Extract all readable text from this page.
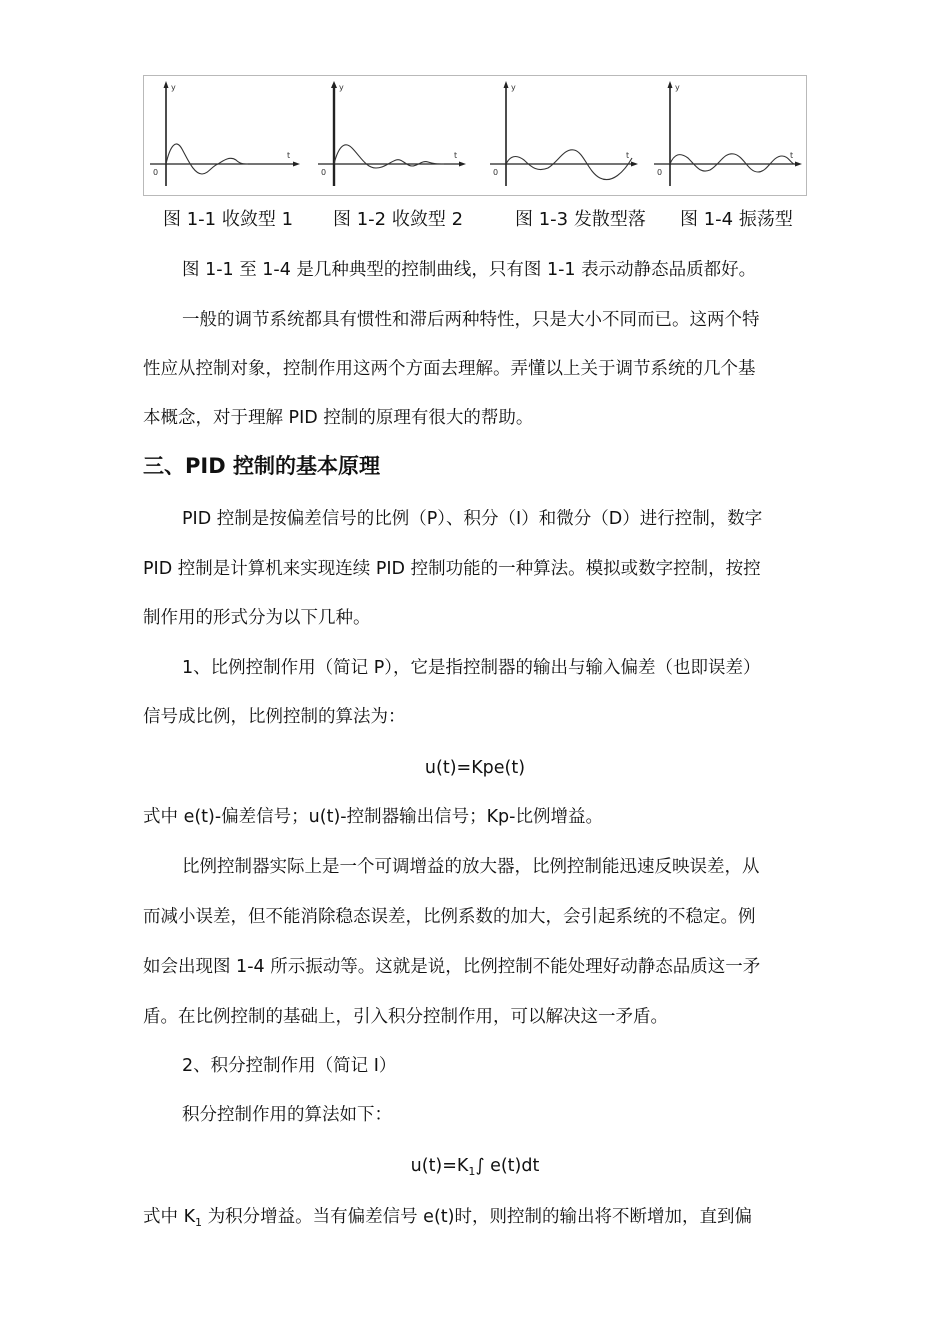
y
t
0
y
t
0
y
t
0
y
t
0
图 1-1 收敛型 1 图 1-2 收敛型 2	图 1-3 发散型落 图 1-4 振荡型
图 1-1 至 1-4 是几种典型的控制曲线，只有图 1-1 表示动静态品质都好。
一般的调节系统都具有惯性和滞后两种特性，只是大小不同而已。这两个特
性应从控制对象，控制作用这两个方面去理解。弄懂以上关于调节系统的几个基
本概念，对于理解 PID 控制的原理有很大的帮助。
三、PID 控制的基本原理
PID 控制是按偏差信号的比例（P）、积分（I）和微分（D）进行控制，数字
PID 控制是计算机来实现连续 PID 控制功能的一种算法。模拟或数字控制，按控
制作用的形式分为以下几种。
1、比例控制作用（简记 P），它是指控制器的输出与输入偏差（也即误差）
信号成比例，比例控制的算法为：
u(t)=Kpe(t)
式中 e(t)-偏差信号；u(t)-控制器输出信号；Kp-比例增益。
比例控制器实际上是一个可调增益的放大器，比例控制能迅速反映误差，从
而减小误差，但不能消除稳态误差，比例系数的加大，会引起系统的不稳定。例
如会出现图 1-4 所示振动等。这就是说，比例控制不能处理好动静态品质这一矛
盾。在比例控制的基础上，引入积分控制作用，可以解决这一矛盾。
2、积分控制作用（简记 I）
积分控制作用的算法如下：
$u(t)=K_1\int$ e(t)dt
式中 $K_1$ 为积分增益。当有偏差信号 e(t)时，则控制的输出将不断增加，直到偏
